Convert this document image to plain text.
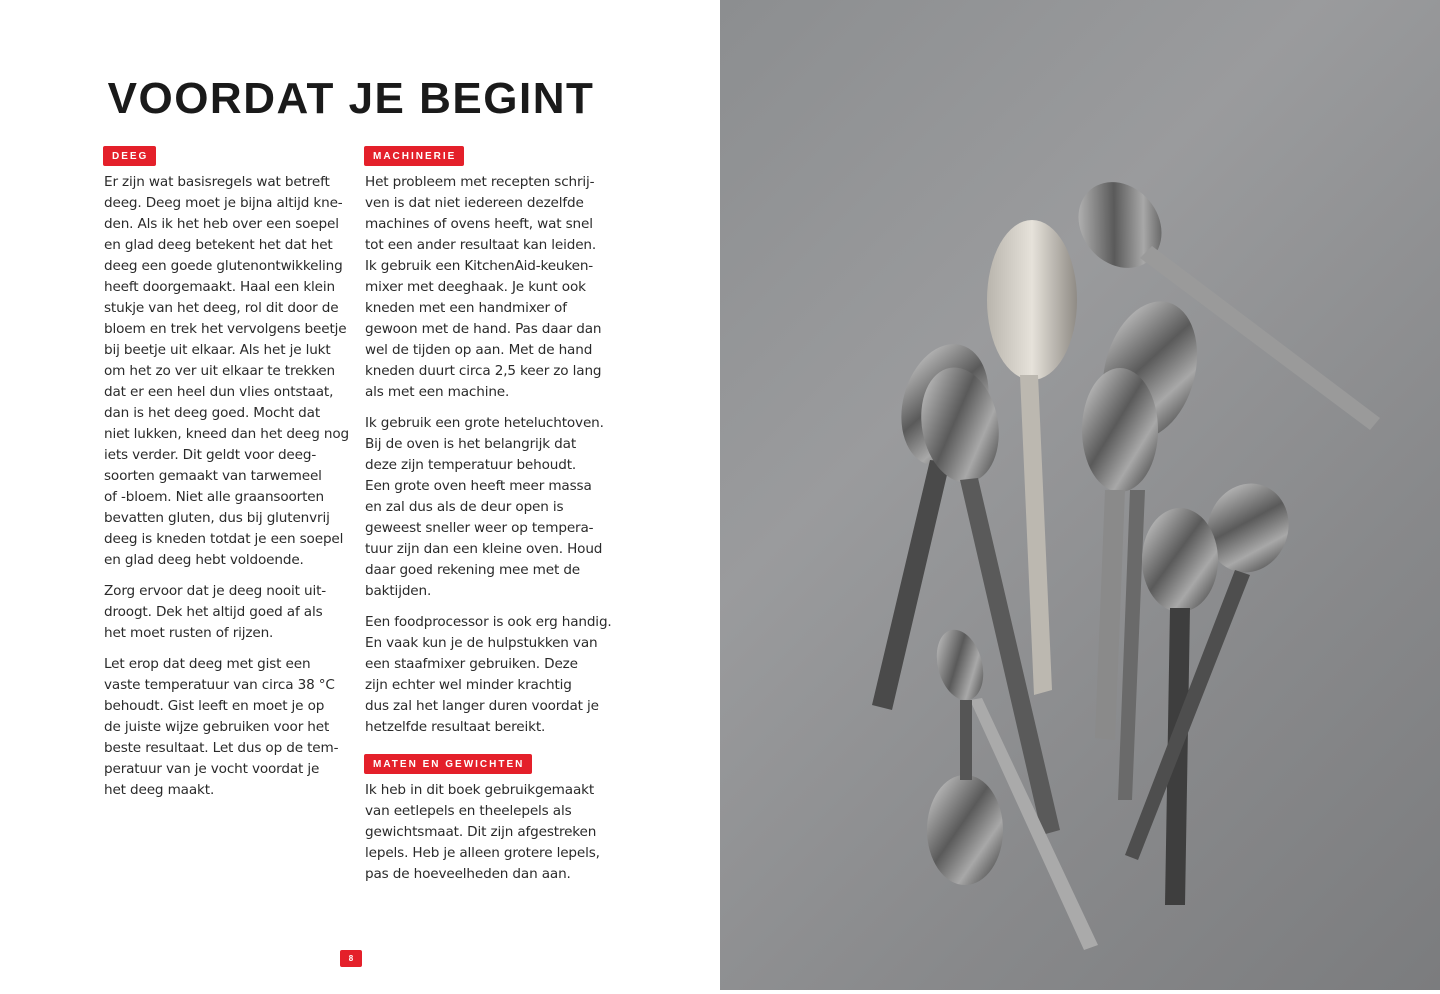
VOORDAT JE BEGINT
DEEG

Er zijn wat basisregels wat betreft
deeg. Deeg moet je bijna altijd kne-
den. Als ik het heb over een soepel
en glad deeg betekent het dat het
deeg een goede glutenontwikkeling
heeft doorgemaakt. Haal een klein
stukje van het deeg, rol dit door de
bloem en trek het vervolgens beetje
bij beetje uit elkaar. Als het je lukt
om het zo ver uit elkaar te trekken
dat er een heel dun vlies ontstaat,
dan is het deeg goed. Mocht dat
niet lukken, kneed dan het deeg nog
iets verder. Dit geldt voor deeg-
soorten gemaakt van tarwemeel
of -bloem. Niet alle graansoorten
bevatten gluten, dus bij glutenvrij
deeg is kneden totdat je een soepel
en glad deeg hebt voldoende.

Zorg ervoor dat je deeg nooit uit-
droogt. Dek het altijd goed af als
het moet rusten of rijzen.

Let erop dat deeg met gist een
vaste temperatuur van circa 38 °C
behoudt. Gist leeft en moet je op
de juiste wijze gebruiken voor het
beste resultaat. Let dus op de tem-
peratuur van je vocht voordat je
het deeg maakt.

MACHINERIE

Het probleem met recepten schrij-
ven is dat niet iedereen dezelfde
machines of ovens heeft, wat snel
tot een ander resultaat kan leiden.
Ik gebruik een KitchenAid-keuken-
mixer met deeghaak. Je kunt ook
kneden met een handmixer of
gewoon met de hand. Pas daar dan
wel de tijden op aan. Met de hand
kneden duurt circa 2,5 keer zo lang
als met een machine.

Ik gebruik een grote heteluchtoven.
Bij de oven is het belangrijk dat
deze zijn temperatuur behoudt.
Een grote oven heeft meer massa
en zal dus als de deur open is
geweest sneller weer op tempera-
tuur zijn dan een kleine oven. Houd
daar goed rekening mee met de
baktijden.

Een foodprocessor is ook erg handig.
En vaak kun je de hulpstukken van
een staafmixer gebruiken. Deze
zijn echter wel minder krachtig
dus zal het langer duren voordat je
hetzelfde resultaat bereikt.

MATEN EN GEWICHTEN

Ik heb in dit boek gebruikgemaakt
van eetlepels en theelepels als
gewichtsmaat. Dit zijn afgestreken
lepels. Heb je alleen grotere lepels,
pas de hoeveelheden dan aan.

8
